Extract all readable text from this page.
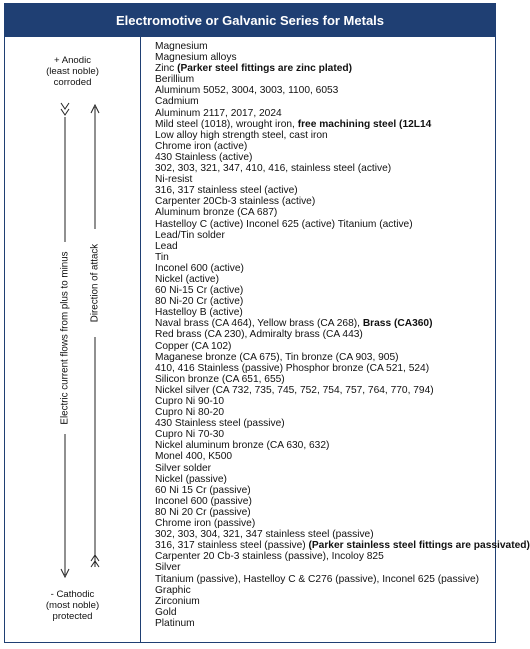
Electromotive or Galvanic Series for Metals
+ Anodic
(least noble)
corroded
Electric current flows from plus to minus Direction of attack
- Cathodic
(most noble)
protected
Magnesium
Magnesium alloys
Zinc (Parker steel fittings are zinc plated)
Berillium
Aluminum 5052, 3004, 3003, 1100, 6053
Cadmium
Aluminum 2117, 2017, 2024
Mild steel (1018), wrought iron, free machining steel (12L14
Low alloy high strength steel, cast iron
Chrome iron (active)
430 Stainless (active)
302, 303, 321, 347, 410, 416, stainless steel (active)
Ni-resist
316, 317 stainless steel (active)
Carpenter 20Cb-3 stainless (active)
Aluminum bronze (CA 687)
Hastelloy C (active) Inconel 625 (active) Titanium (active)
Lead/Tin solder
Lead
Tin
Inconel 600 (active)
Nickel (active)
60 Ni-15 Cr (active)
80 Ni-20 Cr (active)
Hastelloy B (active)
Naval brass (CA 464), Yellow brass (CA 268), Brass (CA360)
Red brass (CA 230), Admiralty brass (CA 443)
Copper (CA 102)
Maganese bronze (CA 675), Tin bronze (CA 903, 905)
410, 416 Stainless (passive) Phosphor bronze (CA 521, 524)
Silicon bronze (CA 651, 655)
Nickel silver (CA 732, 735, 745, 752, 754, 757, 764, 770, 794)
Cupro Ni 90-10
Cupro Ni 80-20
430 Stainless steel (passive)
Cupro Ni 70-30
Nickel aluminum bronze (CA 630, 632)
Monel 400, K500
Silver solder
Nickel (passive)
60 Ni 15 Cr (passive)
Inconel 600 (passive)
80 Ni 20 Cr (passive)
Chrome iron (passive)
302, 303, 304, 321, 347 stainless steel (passive)
316, 317 stainless steel (passive) (Parker stainless steel fittings are passivated)
Carpenter 20 Cb-3 stainless (passive), Incoloy 825
Silver
Titanium (passive), Hastelloy C & C276 (passive), Inconel 625 (passive)
Graphic
Zirconium
Gold
Platinum
